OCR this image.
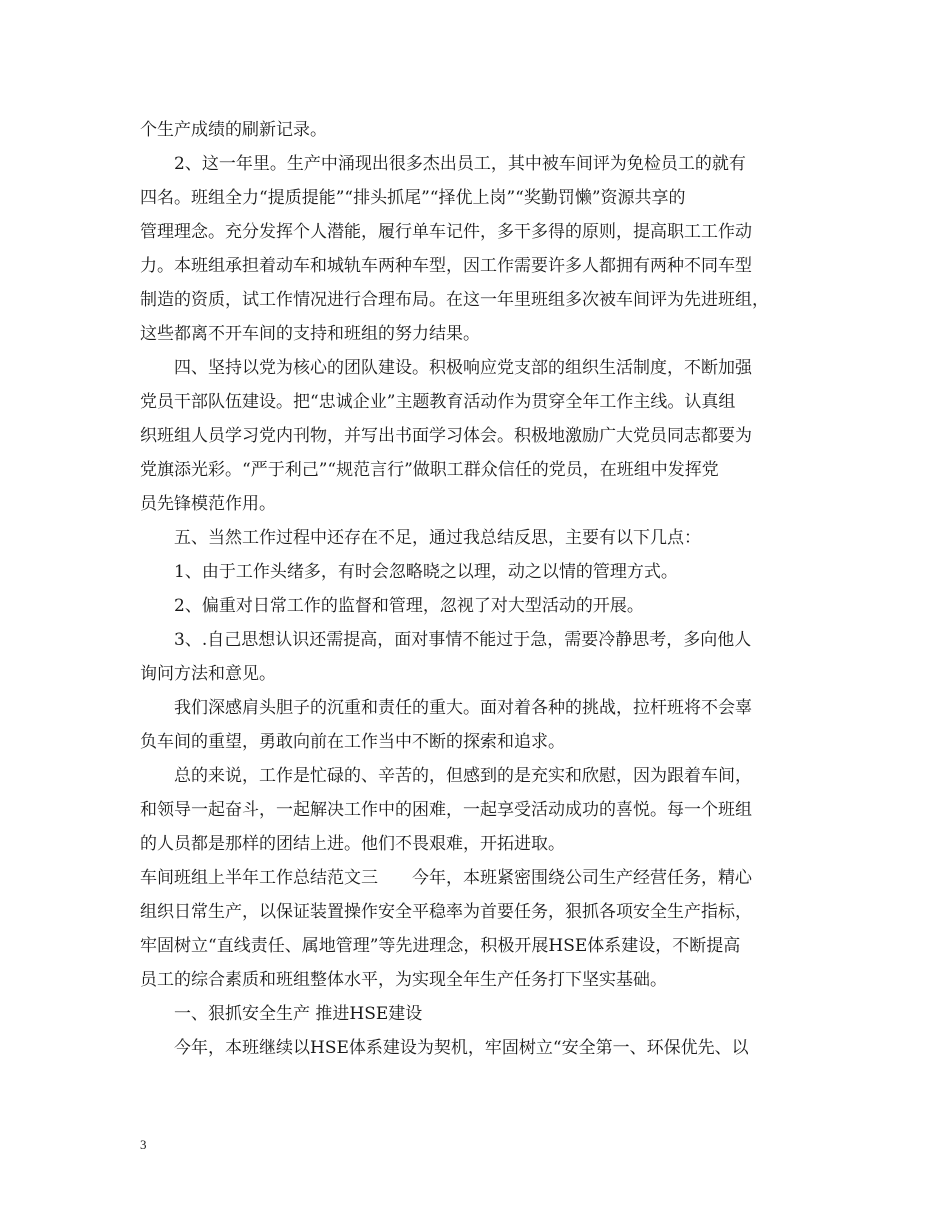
个生产成绩的刷新记录。
2、这一年里。生产中涌现出很多杰出员工，其中被车间评为免检员工的就有
四名。班组全力“提质提能”“排头抓尾”“择优上岗”“奖勤罚懒”资源共享的
管理理念。充分发挥个人潜能，履行单车记件，多干多得的原则，提高职工工作动
力。本班组承担着动车和城轨车两种车型，因工作需要许多人都拥有两种不同车型
制造的资质，试工作情况进行合理布局。在这一年里班组多次被车间评为先进班组，
这些都离不开车间的支持和班组的努力结果。
四、坚持以党为核心的团队建设。积极响应党支部的组织生活制度，不断加强
党员干部队伍建设。把“忠诚企业”主题教育活动作为贯穿全年工作主线。认真组
织班组人员学习党内刊物，并写出书面学习体会。积极地激励广大党员同志都要为
党旗添光彩。“严于利己”“规范言行”做职工群众信任的党员，在班组中发挥党
员先锋模范作用。
五、当然工作过程中还存在不足，通过我总结反思，主要有以下几点：
1、由于工作头绪多，有时会忽略晓之以理，动之以情的管理方式。
2、偏重对日常工作的监督和管理，忽视了对大型活动的开展。
3、.自己思想认识还需提高，面对事情不能过于急，需要冷静思考，多向他人
询问方法和意见。
我们深感肩头胆子的沉重和责任的重大。面对着各种的挑战，拉杆班将不会辜
负车间的重望，勇敢向前在工作当中不断的探索和追求。
总的来说，工作是忙碌的、辛苦的，但感到的是充实和欣慰，因为跟着车间，
和领导一起奋斗，一起解决工作中的困难，一起享受活动成功的喜悦。每一个班组
的人员都是那样的团结上进。他们不畏艰难，开拓进取。
车间班组上半年工作总结范文三　　今年，本班紧密围绕公司生产经营任务，精心
组织日常生产，以保证装置操作安全平稳率为首要任务，狠抓各项安全生产指标，
牢固树立“直线责任、属地管理”等先进理念，积极开展HSE体系建设，不断提高
员工的综合素质和班组整体水平，为实现全年生产任务打下坚实基础。
一、狠抓安全生产 推进HSE建设
今年，本班继续以HSE体系建设为契机，牢固树立“安全第一、环保优先、以
3
